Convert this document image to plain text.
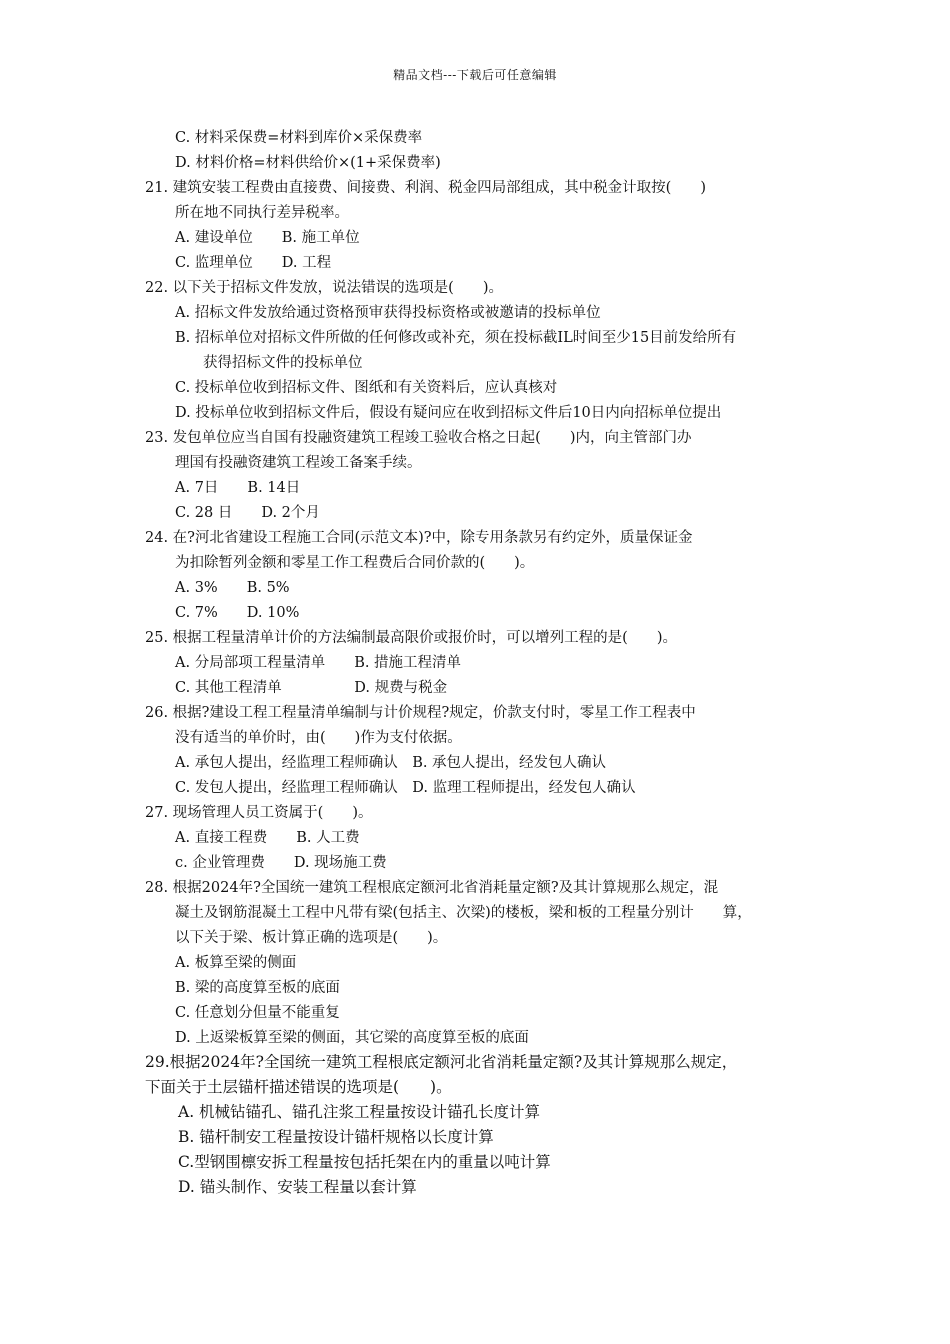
精品文档---下载后可任意编辑
C. 材料采保费=材料到库价×采保费率
D. 材料价格=材料供给价×(1+采保费率)
21. 建筑安装工程费由直接费、间接费、利润、税金四局部组成，其中税金计取按(　　)
所在地不同执行差异税率。
A. 建设单位　　B. 施工单位
C. 监理单位　　D. 工程
22. 以下关于招标文件发放，说法错误的选项是(　　)。
A. 招标文件发放给通过资格预审获得投标资格或被邀请的投标单位
B. 招标单位对招标文件所做的任何修改或补充，须在投标截IL时间至少15目前发给所有
获得招标文件的投标单位
C. 投标单位收到招标文件、图纸和有关资料后，应认真核对
D. 投标单位收到招标文件后，假设有疑问应在收到招标文件后10日内向招标单位提出
23. 发包单位应当自国有投融资建筑工程竣工验收合格之日起(　　)内，向主管部门办
理国有投融资建筑工程竣工备案手续。
A. 7日　　B. 14日
C. 28 日　　D. 2个月
24. 在?河北省建设工程施工合同(示范文本)?中，除专用条款另有约定外，质量保证金
为扣除暂列金额和零星工作工程费后合同价款的(　　)。
A. 3%　　B. 5%
C. 7%　　D. 10%
25. 根据工程量清单计价的方法编制最高限价或报价时，可以增列工程的是(　　)。
A. 分局部项工程量清单　　B. 措施工程清单
C. 其他工程清单　　　　　D. 规费与税金
26. 根据?建设工程工程量清单编制与计价规程?规定，价款支付时，零星工作工程表中
没有适当的单价时，由(　　)作为支付依据。
A. 承包人提出，经监理工程师确认　B. 承包人提出，经发包人确认
C. 发包人提出，经监理工程师确认　D. 监理工程师提出，经发包人确认
27. 现场管理人员工资属于(　　)。
A. 直接工程费　　B. 人工费
c. 企业管理费　　D. 现场施工费
28. 根据2024年?全国统一建筑工程根底定额河北省消耗量定额?及其计算规那么规定，混
凝土及钢筋混凝土工程中凡带有梁(包括主、次梁)的楼板，梁和板的工程量分别计　　算，
以下关于梁、板计算正确的选项是(　　)。
A. 板算至梁的侧面
B. 梁的高度算至板的底面
C. 任意划分但量不能重复
D. 上返梁板算至梁的侧面，其它梁的高度算至板的底面
29.根据2024年?全国统一建筑工程根底定额河北省消耗量定额?及其计算规那么规定，
下面关于土层锚杆描述错误的选项是(　　)。
A. 机械钻锚孔、锚孔注浆工程量按设计锚孔长度计算
B. 锚杆制安工程量按设计锚杆规格以长度计算
C.型钢围檩安拆工程量按包括托架在内的重量以吨计算
D. 锚头制作、安装工程量以套计算
